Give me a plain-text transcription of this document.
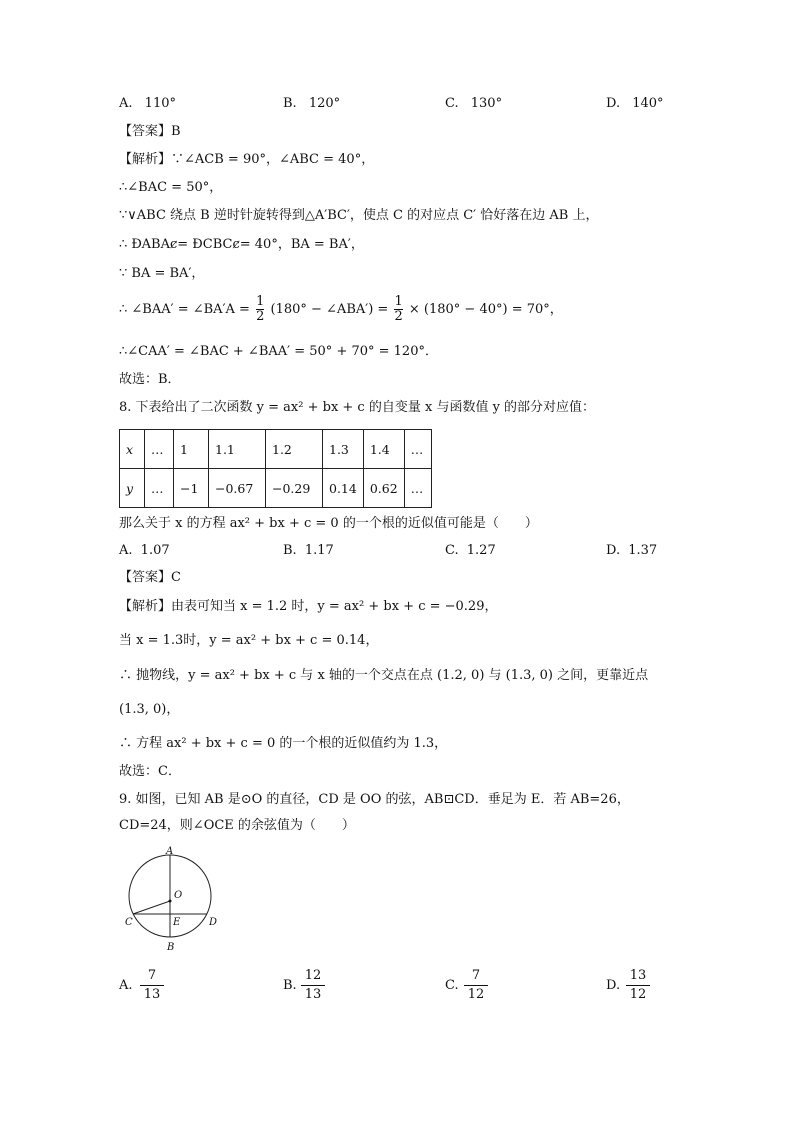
A. 110°	B. 120°	C. 130°	D. 140°
【答案】B
【解析】∵∠ACB = 90°，∠ABC = 40°，
∴∠BAC = 50°，
∵∨ABC 绕点 B 逆时针旋转得到△A′BC′，使点 C 的对应点 C′ 恰好落在边 AB 上，
∴ ÐABAȼ= ÐCBCȼ= 40°，BA = BA′，
∵ BA = BA′，
∴ ∠BAA′ = ∠BA′A = $\frac{1}{2} (180^\circ$ − ∠ABA′) = $\frac{1}{2} \times (180^\circ - 40^\circ) = 70^\circ$，
∴∠CAA′ = ∠BAC + ∠BAA′ = 50° + 70° = 120°．
故选：B．
8. 下表给出了二次函数 y = ax² + bx + c 的自变量 x 与函数值 y 的部分对应值：
x	…	1	1.1	1.2	1.3	1.4	…
y	…	−1	−0.67	−0.29	0.14	0.62	…
那么关于 x 的方程 ax² + bx + c = 0 的一个根的近似值可能是（　　）
A. 1.07	B. 1.17	C. 1.27	D. 1.37
【答案】C
【解析】由表可知当 x = 1.2 时，y = ax² + bx + c = −0.29，
当 x = 1.3时，y = ax² + bx + c = 0.14，
∴ 抛物线，y = ax² + bx + c 与 x 轴的一个交点在点 (1.2, 0) 与 (1.3, 0) 之间，更靠近点
(1.3, 0)，
∴ 方程 ax² + bx + c = 0 的一个根的近似值约为 1.3，
故选：C．
9. 如图，已知 AB 是⊙O 的直径，CD 是 OO 的弦，AB⊡CD．垂足为 E．若 AB=26，
CD=24，则∠OCE 的余弦值为（　　）
A
O
C	E	D
B
A.
7
13
B.
12
13
C.
7
12
D.
13
12
